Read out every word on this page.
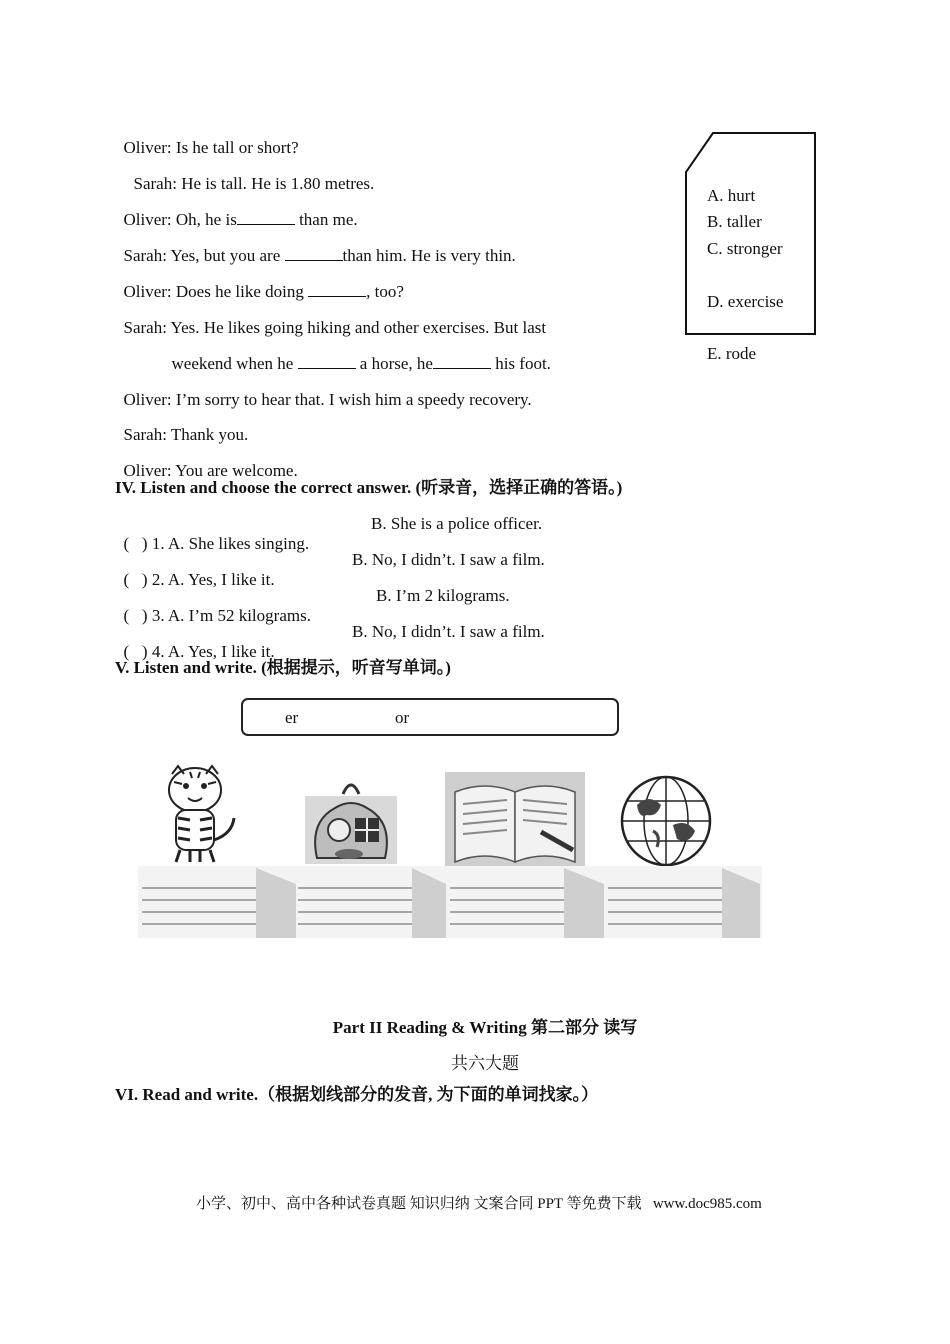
Oliver: Is he tall or short?

Sarah: He is tall. He is 1.80 metres.

Oliver: Oh, he is	than me.

Sarah: Yes, but you are	than him. He is very thin.

Oliver: Does he like doing	, too?

Sarah: Yes. He likes going hiking and other exercises. But last

weekend when he	a horse, he	his foot.

Oliver: I’m sorry to hear that. I wish him a speedy recovery.

Sarah: Thank you.

Oliver: You are welcome.

A. hurt
B. taller
C. stronger
D. exercise
E. rode
IV. Listen and choose the correct answer. (听录音，选择正确的答语。)

(   ) 1. A. She likes singing.

B. She is a police officer.

(   ) 2. A. Yes, I like it.

B. No, I didn’t. I saw a film.

(   ) 3. A. I’m 52 kilograms.

B. I’m 2 kilograms.

(   ) 4. A. Yes, I like it.

B. No, I didn’t. I saw a film.

V. Listen and write. (根据提示，听音写单词。)
er	or
Part II Reading & Writing 第二部分 读写
共六大题
VI. Read and write.（根据划线部分的发音, 为下面的单词找家。）
小学、初中、高中各种试卷真题 知识归纳 文案合同 PPT 等免费下载   www.doc985.com
